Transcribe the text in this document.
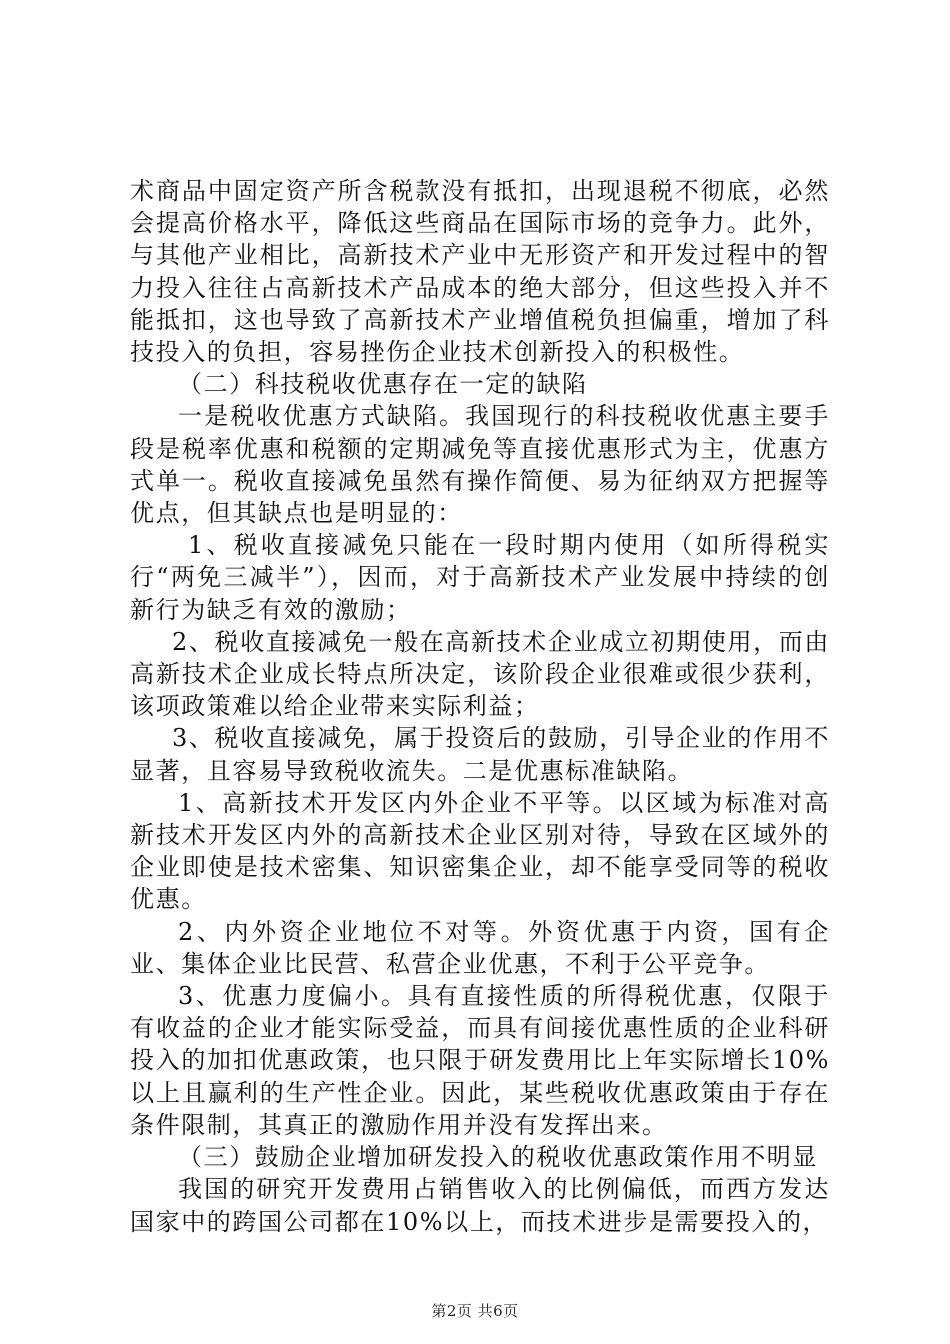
术商品中固定资产所含税款没有抵扣，出现退税不彻底，必然会提高价格水平，降低这些商品在国际市场的竞争力。此外，与其他产业相比，高新技术产业中无形资产和开发过程中的智力投入往往占高新技术产品成本的绝大部分，但这些投入并不能抵扣，这也导致了高新技术产业增值税负担偏重，增加了科技投入的负担，容易挫伤企业技术创新投入的积极性。

（二）科技税收优惠存在一定的缺陷

一是税收优惠方式缺陷。我国现行的科技税收优惠主要手段是税率优惠和税额的定期减免等直接优惠形式为主，优惠方式单一。税收直接减免虽然有操作简便、易为征纳双方把握等优点，但其缺点也是明显的：

1、税收直接减免只能在一段时期内使用（如所得税实行“两免三减半”），因而，对于高新技术产业发展中持续的创新行为缺乏有效的激励；

2、税收直接减免一般在高新技术企业成立初期使用，而由高新技术企业成长特点所决定，该阶段企业很难或很少获利，该项政策难以给企业带来实际利益；

3、税收直接减免，属于投资后的鼓励，引导企业的作用不显著，且容易导致税收流失。二是优惠标准缺陷。

1、高新技术开发区内外企业不平等。以区域为标准对高新技术开发区内外的高新技术企业区别对待，导致在区域外的企业即使是技术密集、知识密集企业，却不能享受同等的税收优惠。

2、内外资企业地位不对等。外资优惠于内资，国有企业、集体企业比民营、私营企业优惠，不利于公平竞争。

3、优惠力度偏小。具有直接性质的所得税优惠，仅限于有收益的企业才能实际受益，而具有间接优惠性质的企业科研投入的加扣优惠政策，也只限于研发费用比上年实际增长10%以上且赢利的生产性企业。因此，某些税收优惠政策由于存在条件限制，其真正的激励作用并没有发挥出来。

（三）鼓励企业增加研发投入的税收优惠政策作用不明显

我国的研究开发费用占销售收入的比例偏低，而西方发达国家中的跨国公司都在10%以上，而技术进步是需要投入的，

第2页 共6页
